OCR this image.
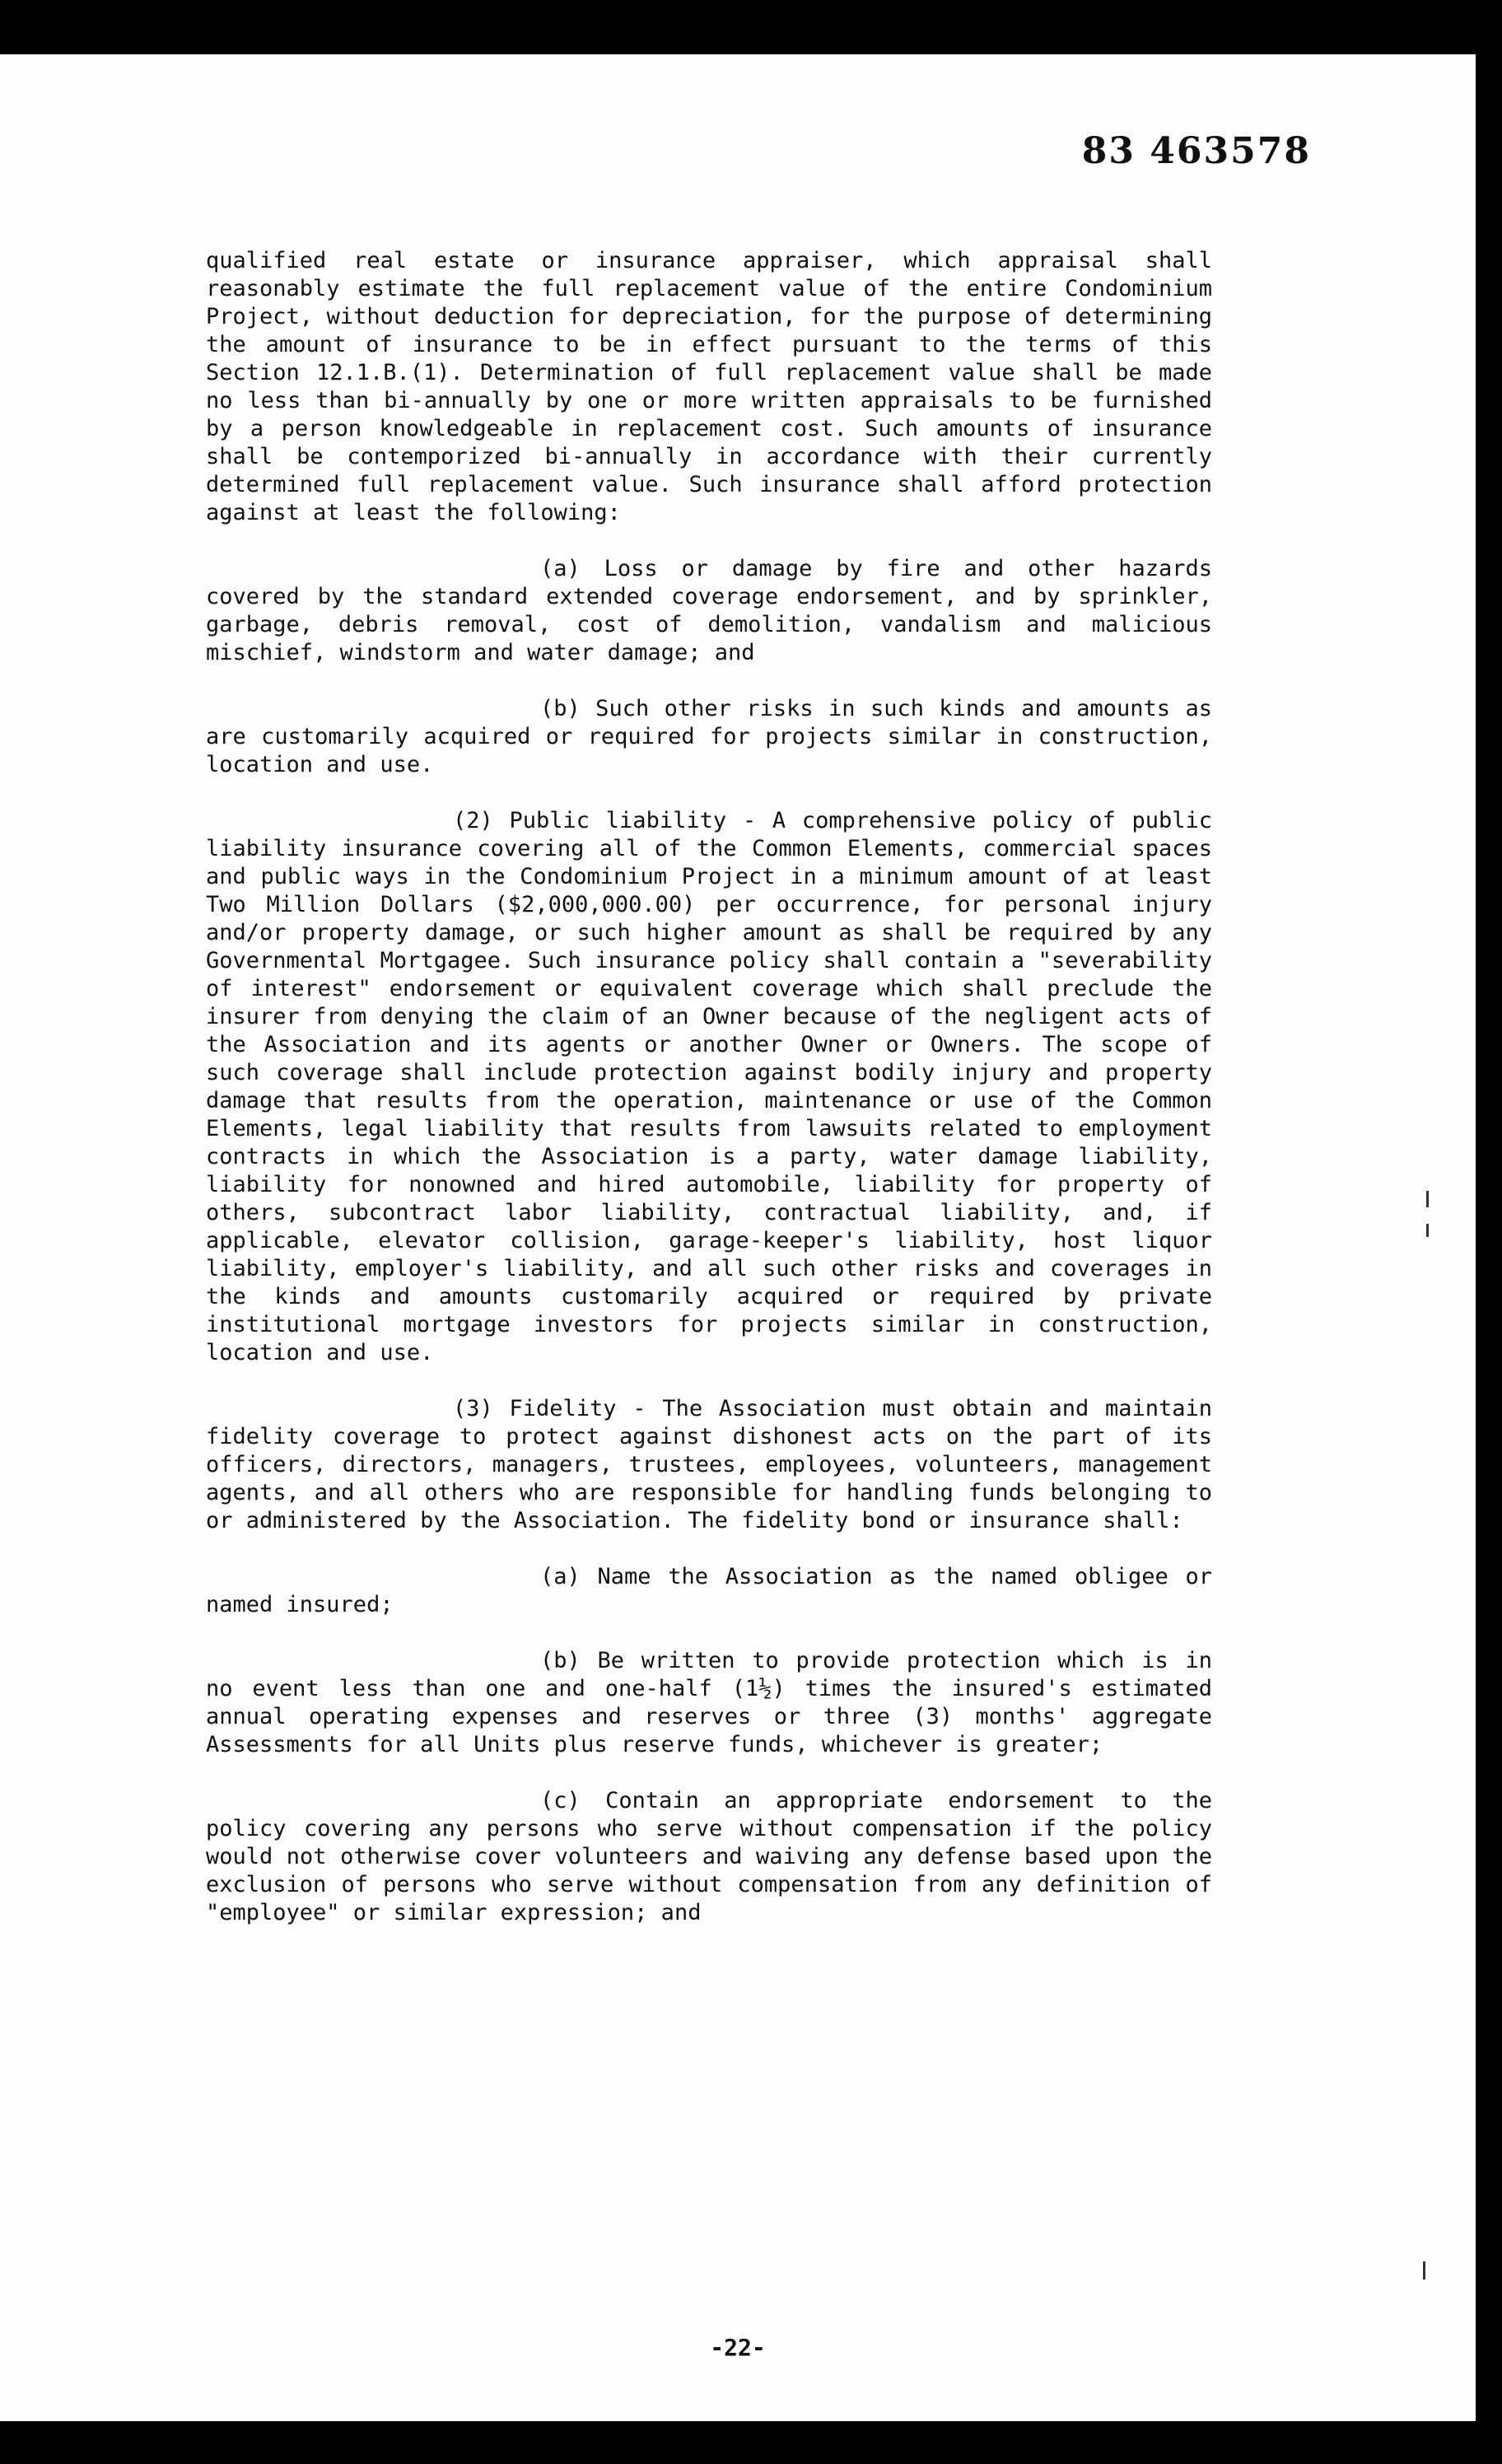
83 463578

qualified real estate or insurance appraiser, which appraisal shall reasonably estimate the full replacement value of the entire Condominium Project, without deduction for depreciation, for the purpose of determining the amount of insurance to be in effect pursuant to the terms of this Section 12.1.B.(1). Determination of full replacement value shall be made no less than bi-annually by one or more written appraisals to be furnished by a person knowledgeable in replacement cost. Such amounts of insurance shall be contemporized bi-annually in accordance with their currently determined full replacement value. Such insurance shall afford protection against at least the following:

(a) Loss or damage by fire and other hazards covered by the standard extended coverage endorsement, and by sprinkler, garbage, debris removal, cost of demolition, vandalism and malicious mischief, windstorm and water damage; and

(b) Such other risks in such kinds and amounts as are customarily acquired or required for projects similar in construction, location and use.

(2) Public liability - A comprehensive policy of public liability insurance covering all of the Common Elements, commercial spaces and public ways in the Condominium Project in a minimum amount of at least Two Million Dollars ($2,000,000.00) per occurrence, for personal injury and/or property damage, or such higher amount as shall be required by any Governmental Mortgagee. Such insurance policy shall contain a "severability of interest" endorsement or equivalent coverage which shall preclude the insurer from denying the claim of an Owner because of the negligent acts of the Association and its agents or another Owner or Owners. The scope of such coverage shall include protection against bodily injury and property damage that results from the operation, maintenance or use of the Common Elements, legal liability that results from lawsuits related to employment contracts in which the Association is a party, water damage liability, liability for nonowned and hired automobile, liability for property of others, subcontract labor liability, contractual liability, and, if applicable, elevator collision, garage-keeper's liability, host liquor liability, employer's liability, and all such other risks and coverages in the kinds and amounts customarily acquired or required by private institutional mortgage investors for projects similar in construction, location and use.

(3) Fidelity - The Association must obtain and maintain fidelity coverage to protect against dishonest acts on the part of its officers, directors, managers, trustees, employees, volunteers, management agents, and all others who are responsible for handling funds belonging to or administered by the Association. The fidelity bond or insurance shall:

(a) Name the Association as the named obligee or named insured;

(b) Be written to provide protection which is in no event less than one and one-half (1½) times the insured's estimated annual operating expenses and reserves or three (3) months' aggregate Assessments for all Units plus reserve funds, whichever is greater;

(c) Contain an appropriate endorsement to the policy covering any persons who serve without compensation if the policy would not otherwise cover volunteers and waiving any defense based upon the exclusion of persons who serve without compensation from any definition of "employee" or similar expression; and

-22-
